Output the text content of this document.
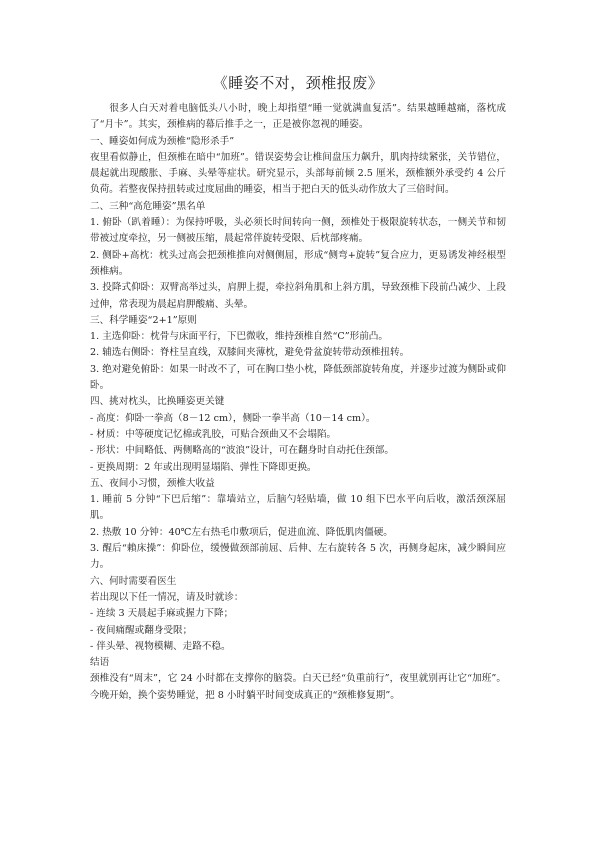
《睡姿不对，颈椎报废》

很多人白天对着电脑低头八小时，晚上却指望“睡一觉就满血复活”。结果越睡越痛，落枕成了“月卡”。其实，颈椎病的幕后推手之一，正是被你忽视的睡姿。

一、睡姿如何成为颈椎“隐形杀手”

夜里看似静止，但颈椎在暗中“加班”。错误姿势会让椎间盘压力飙升，肌肉持续紧张，关节错位，晨起就出现酸胀、手麻、头晕等症状。研究显示，头部每前倾 2.5 厘米，颈椎额外承受约 4 公斤负荷。若整夜保持扭转或过度屈曲的睡姿，相当于把白天的低头动作放大了三倍时间。

二、三种“高危睡姿”黑名单

1. 俯卧（趴着睡）：为保持呼吸，头必须长时间转向一侧，颈椎处于极限旋转状态，一侧关节和韧带被过度牵拉，另一侧被压缩，晨起常伴旋转受限、后枕部疼痛。

2. 侧卧+高枕：枕头过高会把颈椎推向对侧侧屈，形成“侧弯+旋转”复合应力，更易诱发神经根型颈椎病。

3. 投降式仰卧：双臂高举过头，肩胛上提，牵拉斜角肌和上斜方肌，导致颈椎下段前凸减少、上段过伸，常表现为晨起肩胛酸痛、头晕。

三、科学睡姿“2+1”原则

1. 主选仰卧：枕骨与床面平行，下巴微收，维持颈椎自然“C”形前凸。

2. 辅选右侧卧：脊柱呈直线，双膝间夹薄枕，避免骨盆旋转带动颈椎扭转。

3. 绝对避免俯卧：如果一时改不了，可在胸口垫小枕，降低颈部旋转角度，并逐步过渡为侧卧或仰卧。

四、挑对枕头，比换睡姿更关键

- 高度：仰卧一拳高（8－12 cm），侧卧一拳半高（10－14 cm）。

- 材质：中等硬度记忆棉或乳胶，可贴合颈曲又不会塌陷。

- 形状：中间略低、两侧略高的“波浪”设计，可在翻身时自动托住颈部。

- 更换周期：2 年或出现明显塌陷、弹性下降即更换。

五、夜间小习惯，颈椎大收益

1. 睡前 5 分钟“下巴后缩”：靠墙站立，后脑勺轻贴墙，做 10 组下巴水平向后收，激活颈深屈肌。

2. 热敷 10 分钟：40℃左右热毛巾敷项后，促进血流、降低肌肉僵硬。

3. 醒后“賴床操”：仰卧位，缓慢做颈部前屈、后伸、左右旋转各 5 次，再侧身起床，减少瞬间应力。

六、何时需要看医生

若出现以下任一情况，请及时就诊：

- 连续 3 天晨起手麻或握力下降；

- 夜间痛醒或翻身受限；

- 伴头晕、视物模糊、走路不稳。

结语

颈椎没有“周末”，它 24 小时都在支撑你的脑袋。白天已经“负重前行”，夜里就别再让它“加班”。今晚开始，换个姿势睡觉，把 8 小时躺平时间变成真正的“颈椎修复期”。
